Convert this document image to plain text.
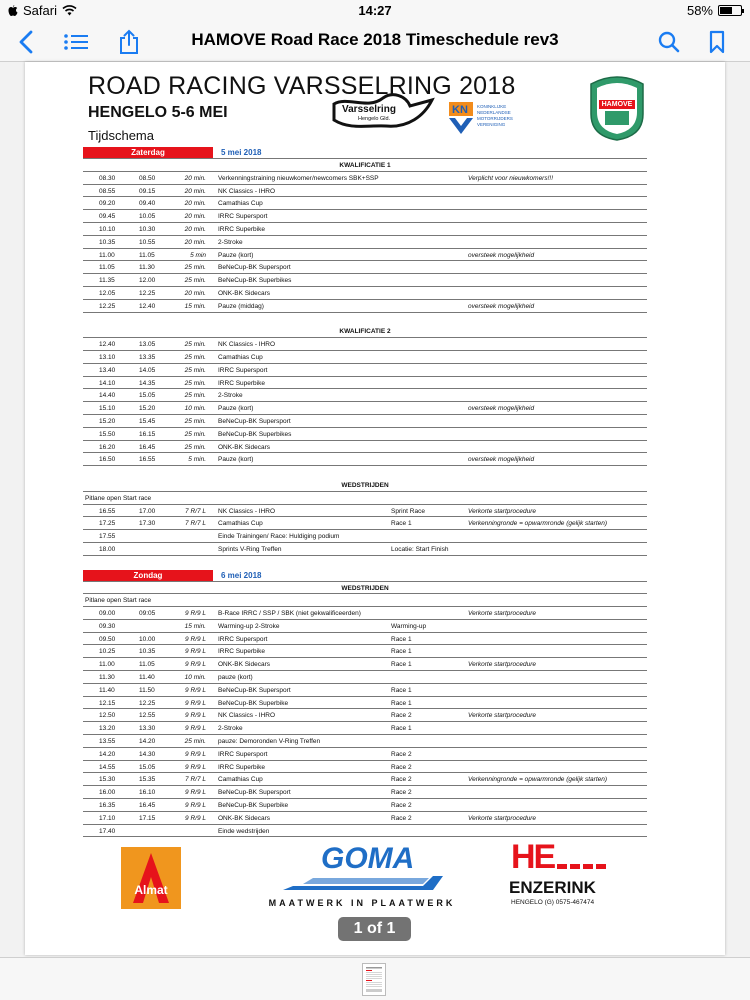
Safari	14:27	58%
HAMOVE Road Race 2018 Timeschedule rev3
ROAD RACING VARSSELRING 2018
HENGELO 5-6 MEI
Tijdschema
Varsselring
Hengelo Gld.
KN KONINKLIJKE
NEDERLANDSE
MOTORRIJDERS
VERENIGING
HAMOVE
Zaterdag	5 mei 2018
KWALIFICATIE 1
08.30	08.50	20 min. Verkenningstraining nieuwkomer/newcomers SBK+SSP	Verplicht voor nieuwkomers!!!
08.55	09.15	20 min. NK Classics - IHRO
09.20	09.40	20 min. Camathias Cup
09.45	10.05	20 min. IRRC Supersport
10.10	10.30	20 min. IRRC Superbike
10.35	10.55	20 min. 2-Stroke
11.00	11.05	5 min Pauze (kort)	oversteek mogelijkheid
11.05	11.30	25 min. BeNeCup-BK Supersport
11.35	12.00	25 min. BeNeCup-BK Superbikes
12.05	12.25	20 min. ONK-BK Sidecars
12.25	12.40	15 min. Pauze (middag)	oversteek mogelijkheid
KWALIFICATIE 2
12.40	13.05	25 min. NK Classics - IHRO
13.10	13.35	25 min. Camathias Cup
13.40	14.05	25 min. IRRC Supersport
14.10	14.35	25 min. IRRC Superbike
14.40	15.05	25 min. 2-Stroke
15.10	15.20	10 min. Pauze (kort)	oversteek mogelijkheid
15.20	15.45	25 min. BeNeCup-BK Supersport
15.50	16.15	25 min. BeNeCup-BK Superbikes
16.20	16.45	25 min. ONK-BK Sidecars
16.50	16.55	5 min. Pauze (kort)	oversteek mogelijkheid
WEDSTRIJDEN
Pitlane open Start race
16.55	17.00	7 R/7 L NK Classics - IHRO	Sprint Race	Verkorte startprocedure
17.25	17.30	7 R/7 L Camathias Cup	Race 1	Verkenningronde = opwarmronde (gelijk starten)
17.55	Einde Trainingen/ Race: Huldiging podium
18.00	Sprints V-Ring Treffen	Locatie: Start Finish
Zondag	6 mei 2018
WEDSTRIJDEN
Pitlane open Start race
09.00	09:05	9 R/9 L B-Race IRRC / SSP / SBK (niet gekwalificeerden)	Verkorte startprocedure
09.30	15 min. Warming-up 2-Stroke	Warming-up
09.50	10.00	9 R/9 L IRRC Supersport	Race 1
10.25	10.35	9 R/9 L IRRC Superbike	Race 1
11.00	11.05	9 R/9 L ONK-BK Sidecars	Race 1	Verkorte startprocedure
11.30	11.40	10 min. pauze (kort)
11.40	11.50	9 R/9 L BeNeCup-BK Supersport	Race 1
12.15	12.25	9 R/9 L BeNeCup-BK Superbike	Race 1
12.50	12.55	9 R/9 L NK Classics - IHRO	Race 2	Verkorte startprocedure
13.20	13.30	9 R/9 L 2-Stroke	Race 1
13.55	14.20	25 min. pauze: Demoronden V-Ring Treffen
14.20	14.30	9 R/9 L IRRC Supersport	Race 2
14.55	15.05	9 R/9 L IRRC Superbike	Race 2
15.30	15.35	7 R/7 L Camathias Cup	Race 2	Verkenningronde = opwarmronde (gelijk starten)
16.00	16.10	9 R/9 L BeNeCup-BK Supersport	Race 2
16.35	16.45	9 R/9 L BeNeCup-BK Superbike	Race 2
17.10	17.15	9 R/9 L ONK-BK Sidecars	Race 2	Verkorte startprocedure
17.40	Einde wedstrijden
Almat
GOMA
MAATWERK IN PLAATWERK
HE
ENZERINK
HENGELO (G) 0575-467474
1 of 1
